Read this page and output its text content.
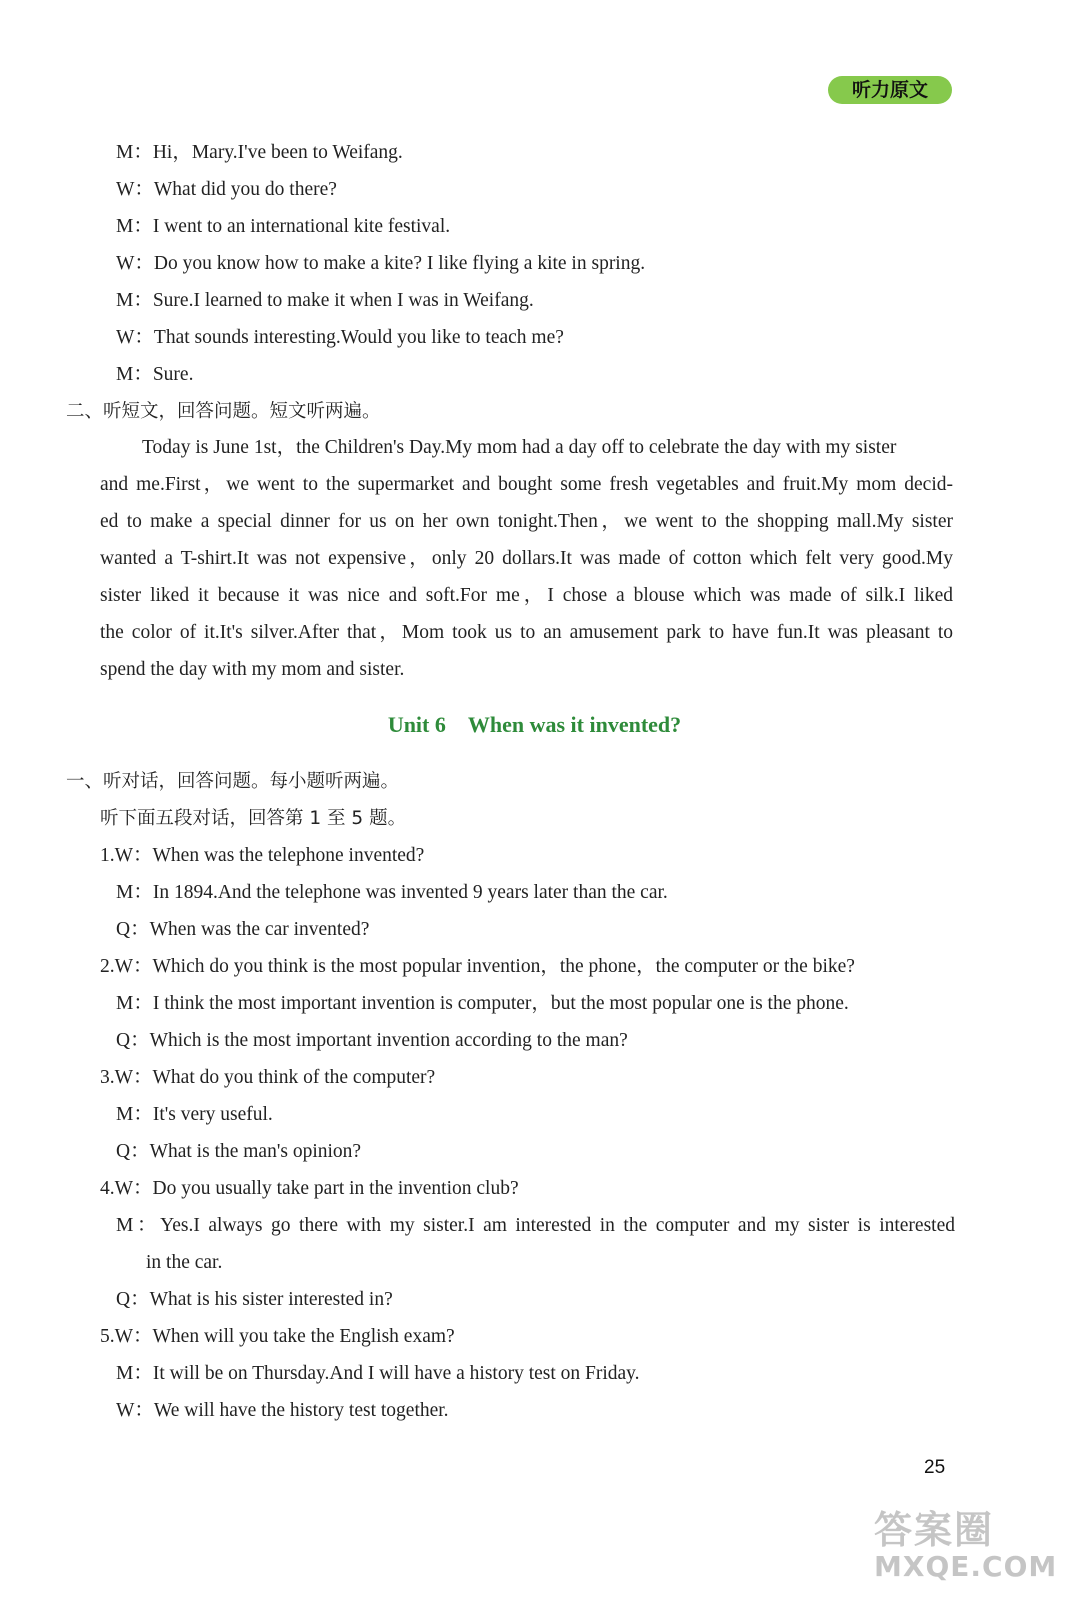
听力原文
M：Hi，Mary.I've been to Weifang.
W：What did you do there?
M：I went to an international kite festival.
W：Do you know how to make a kite? I like flying a kite in spring.
M：Sure.I learned to make it when I was in Weifang.
W：That sounds interesting.Would you like to teach me?
M：Sure.
二、听短文，回答问题。短文听两遍。
Today is June 1st，the Children's Day.My mom had a day off to celebrate the day with my sister
and me.First，we went to the supermarket and bought some fresh vegetables and fruit.My mom decid-
ed to make a special dinner for us on her own tonight.Then，we went to the shopping mall.My sister
wanted a T-shirt.It was not expensive，only 20 dollars.It was made of cotton which felt very good.My
sister liked it because it was nice and soft.For me，I chose a blouse which was made of silk.I liked
the color of it.It's silver.After that，Mom took us to an amusement park to have fun.It was pleasant to
spend the day with my mom and sister.
Unit 6 When was it invented?
一、听对话，回答问题。每小题听两遍。
听下面五段对话，回答第 1 至 5 题。
1.W：When was the telephone invented?
M：In 1894.And the telephone was invented 9 years later than the car.
Q：When was the car invented?
2.W：Which do you think is the most popular invention，the phone，the computer or the bike?
M：I think the most important invention is computer，but the most popular one is the phone.
Q：Which is the most important invention according to the man?
3.W：What do you think of the computer?
M：It's very useful.
Q：What is the man's opinion?
4.W：Do you usually take part in the invention club?
M：Yes.I always go there with my sister.I am interested in the computer and my sister is interested
in the car.
Q：What is his sister interested in?
5.W：When will you take the English exam?
M：It will be on Thursday.And I will have a history test on Friday.
W：We will have the history test together.
25
答案圈
MXQE.COM
